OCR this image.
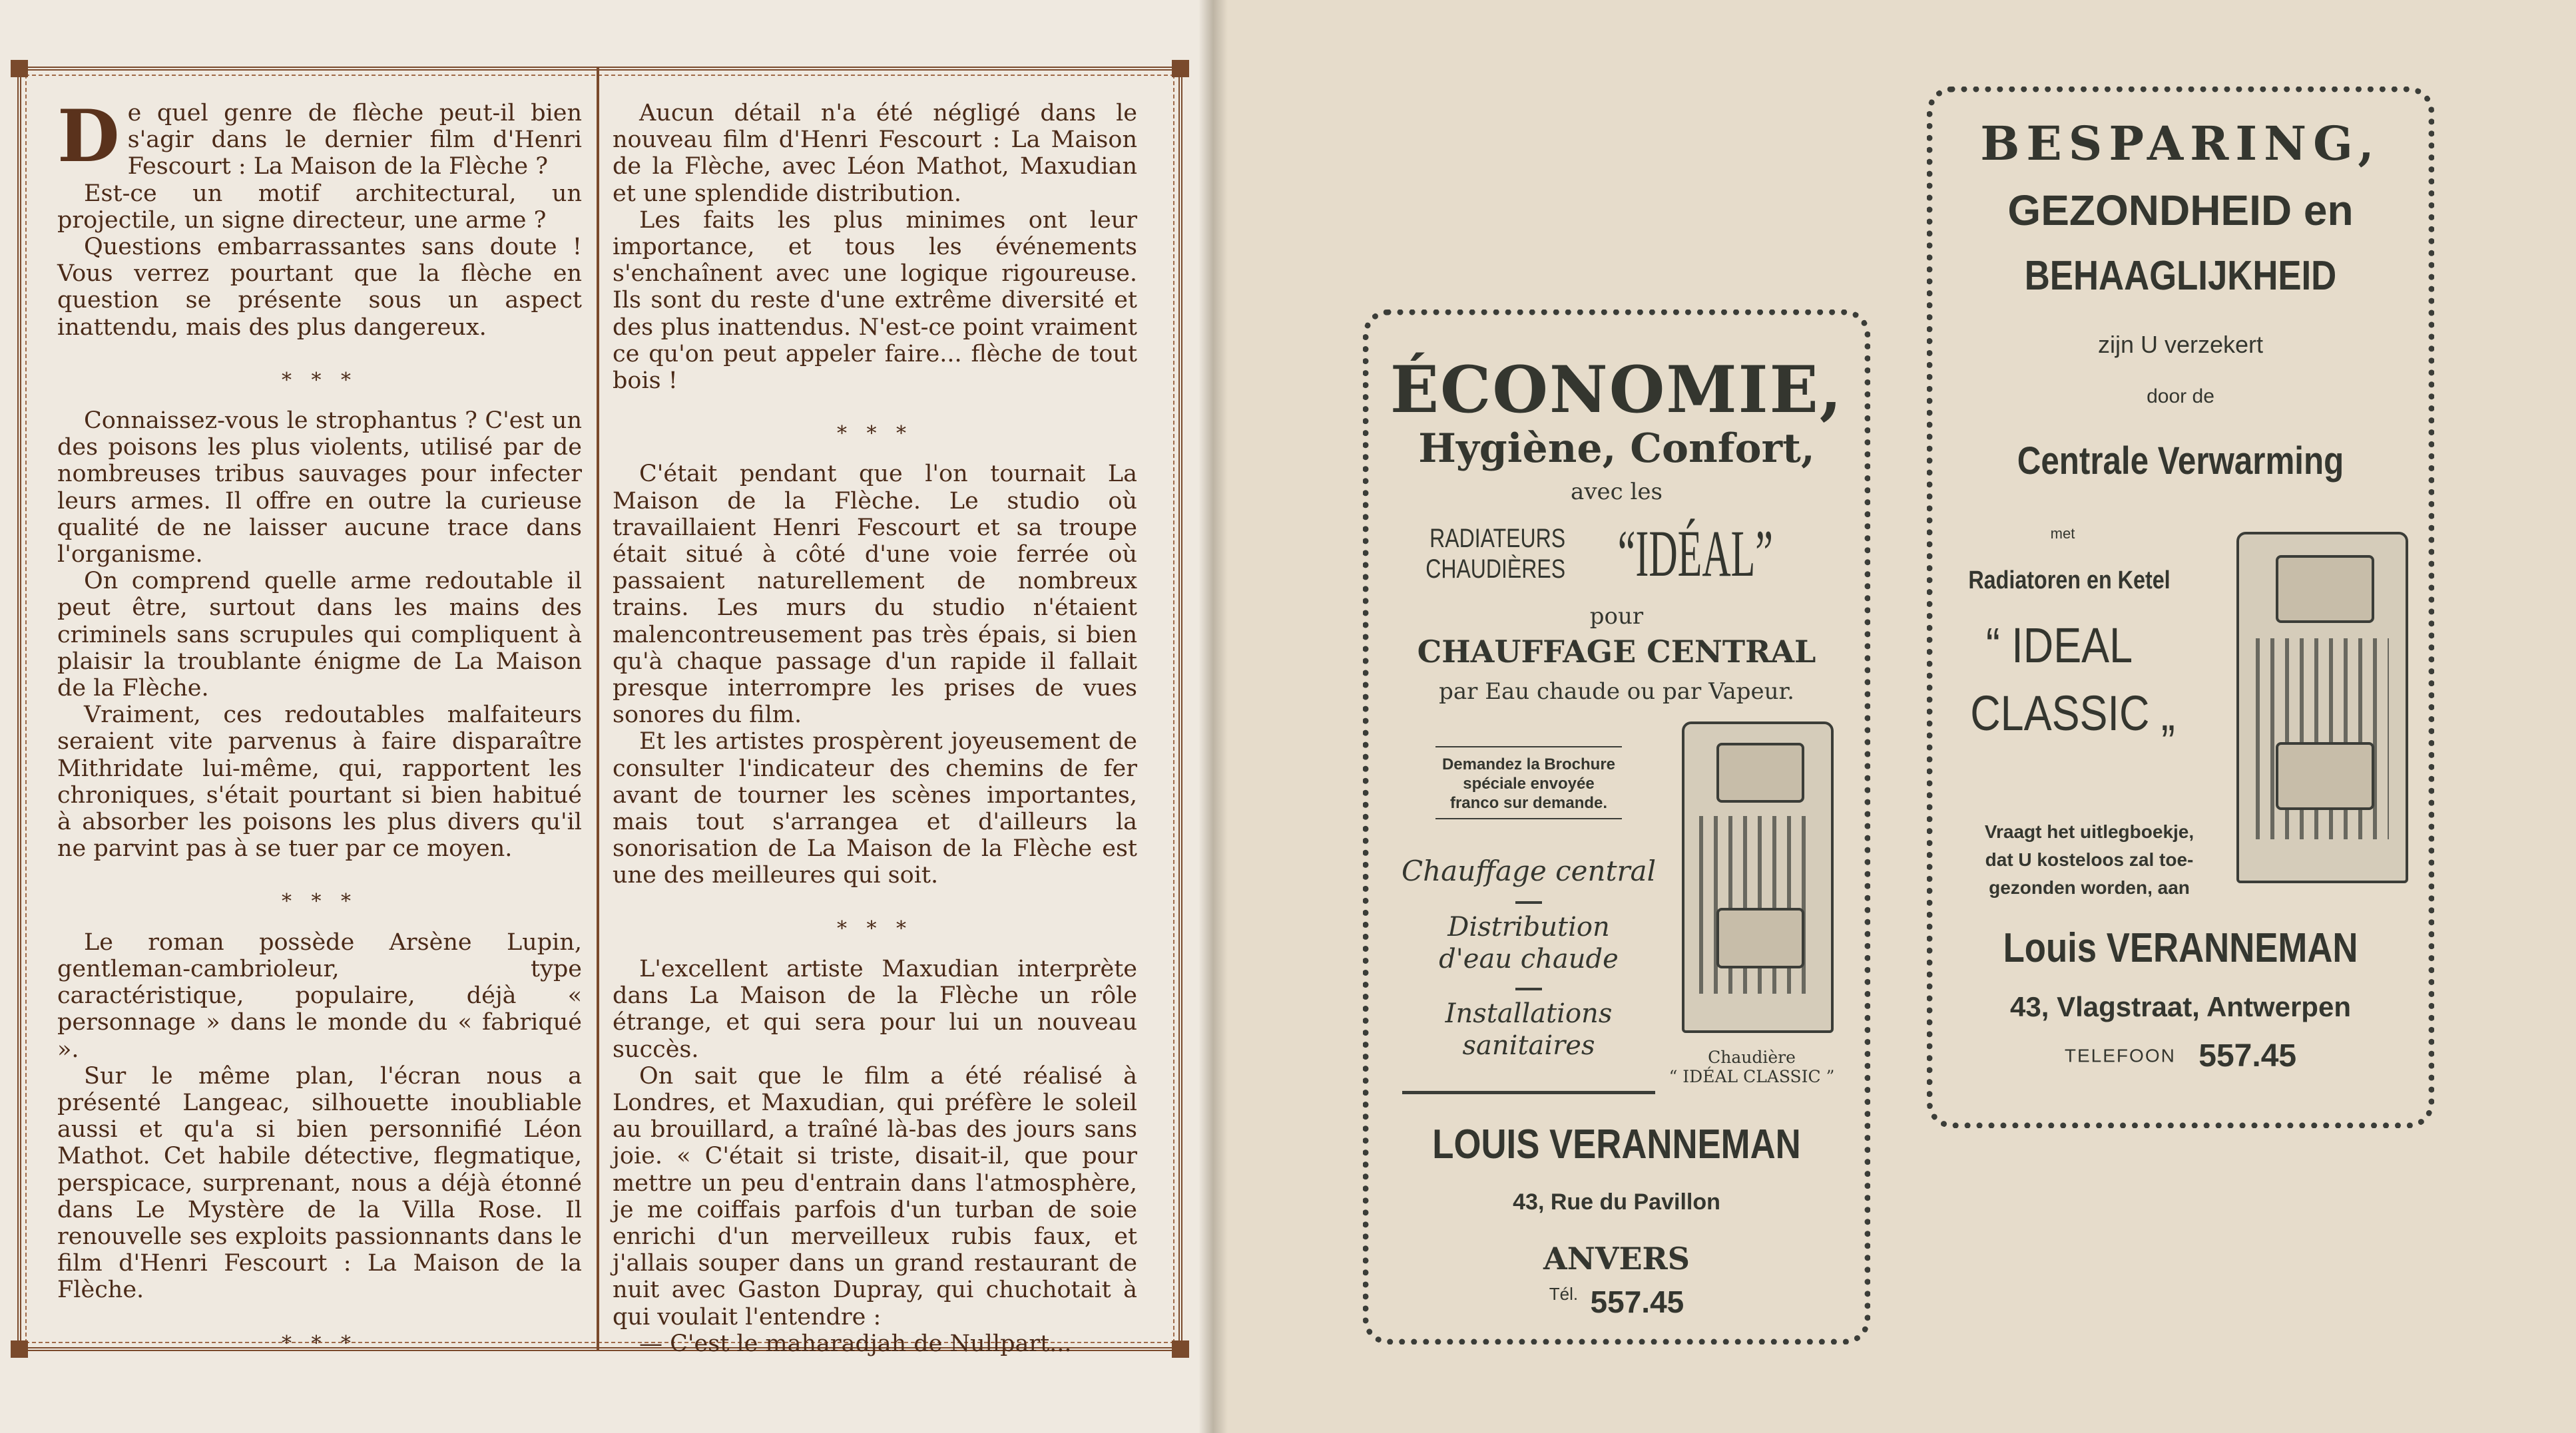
D e quel genre de flèche peut-il bien s'agir dans le dernier film d'Henri Fescourt : La Maison de la Flèche ?

Est-ce un motif architectural, un projectile, un signe directeur, une arme ?

Questions embarrassantes sans doute ! Vous verrez pourtant que la flèche en question se présente sous un aspect inattendu, mais des plus dangereux.

* * *

Connaissez-vous le strophantus ? C'est un des poisons les plus violents, utilisé par de nombreuses tribus sauvages pour infecter leurs armes. Il offre en outre la curieuse qualité de ne laisser aucune trace dans l'organisme.

On comprend quelle arme redoutable il peut être, surtout dans les mains des criminels sans scrupules qui compliquent à plaisir la troublante énigme de La Maison de la Flèche.

Vraiment, ces redoutables malfaiteurs seraient vite parvenus à faire disparaître Mithridate lui-même, qui, rapportent les chroniques, s'était pourtant si bien habitué à absorber les poisons les plus divers qu'il ne parvint pas à se tuer par ce moyen.

* * *

Le roman possède Arsène Lupin, gentleman-cambrioleur, type caractéristique, populaire, déjà « personnage » dans le monde du « fabriqué ».

Sur le même plan, l'écran nous a présenté Langeac, silhouette inoubliable aussi et qu'a si bien personnifié Léon Mathot. Cet habile détective, flegmatique, perspicace, surprenant, nous a déjà étonné dans Le Mystère de la Villa Rose. Il renouvelle ses exploits passionnants dans le film d'Henri Fescourt : La Maison de la Flèche.

* * *

Aucun détail n'a été négligé dans le nouveau film d'Henri Fescourt : La Maison de la Flèche, avec Léon Mathot, Maxudian et une splendide distribution.

Les faits les plus minimes ont leur importance, et tous les événements s'enchaînent avec une logique rigoureuse. Ils sont du reste d'une extrême diversité et des plus inattendus. N'est-ce point vraiment ce qu'on peut appeler faire... flèche de tout bois !

* * *

C'était pendant que l'on tournait La Maison de la Flèche. Le studio où travaillaient Henri Fescourt et sa troupe était situé à côté d'une voie ferrée où passaient naturellement de nombreux trains. Les murs du studio n'étaient malencontreusement pas très épais, si bien qu'à chaque passage d'un rapide il fallait presque interrompre les prises de vues sonores du film.

Et les artistes prospèrent joyeusement de consulter l'indicateur des chemins de fer avant de tourner les scènes importantes, mais tout s'arrangea et d'ailleurs la sonorisation de La Maison de la Flèche est une des meilleures qui soit.

* * *

L'excellent artiste Maxudian interprète dans La Maison de la Flèche un rôle étrange, et qui sera pour lui un nouveau succès.

On sait que le film a été réalisé à Londres, et Maxudian, qui préfère le soleil au brouillard, a traîné là-bas des jours sans joie. « C'était si triste, disait-il, que pour mettre un peu d'entrain dans l'atmosphère, je me coiffais parfois d'un turban de soie enrichi d'un merveilleux rubis faux, et j'allais souper dans un grand restaurant de nuit avec Gaston Dupray, qui chuchotait à qui voulait l'entendre :

— C'est le maharadjah de Nullpart...

ÉCONOMIE,
Hygiène, Confort,
avec les
RADIATEURS
CHAUDIÈRES “IDÉAL”
pour
CHAUFFAGE CENTRAL
par Eau chaude ou par Vapeur.
Demandez la Brochure
spéciale envoyée
franco sur demande.
Chauffage central
Distribution
d'eau chaude
Installations
sanitaires	Chaudière
“ IDÉAL CLASSIC ”
LOUIS VERANNEMAN
43, Rue du Pavillon
ANVERS
Tél. 557.45
BESPARING,
GEZONDHEID en
BEHAAGLIJKHEID
zijn U verzekert
door de
Centrale Verwarming
met
Radiatoren en Ketel
“ IDEAL
CLASSIC „
Vraagt het uitlegboekje,
dat U kosteloos zal toe-
gezonden worden, aan
Louis VERANNEMAN
43, Vlagstraat, Antwerpen
TELEFOON 557.45
